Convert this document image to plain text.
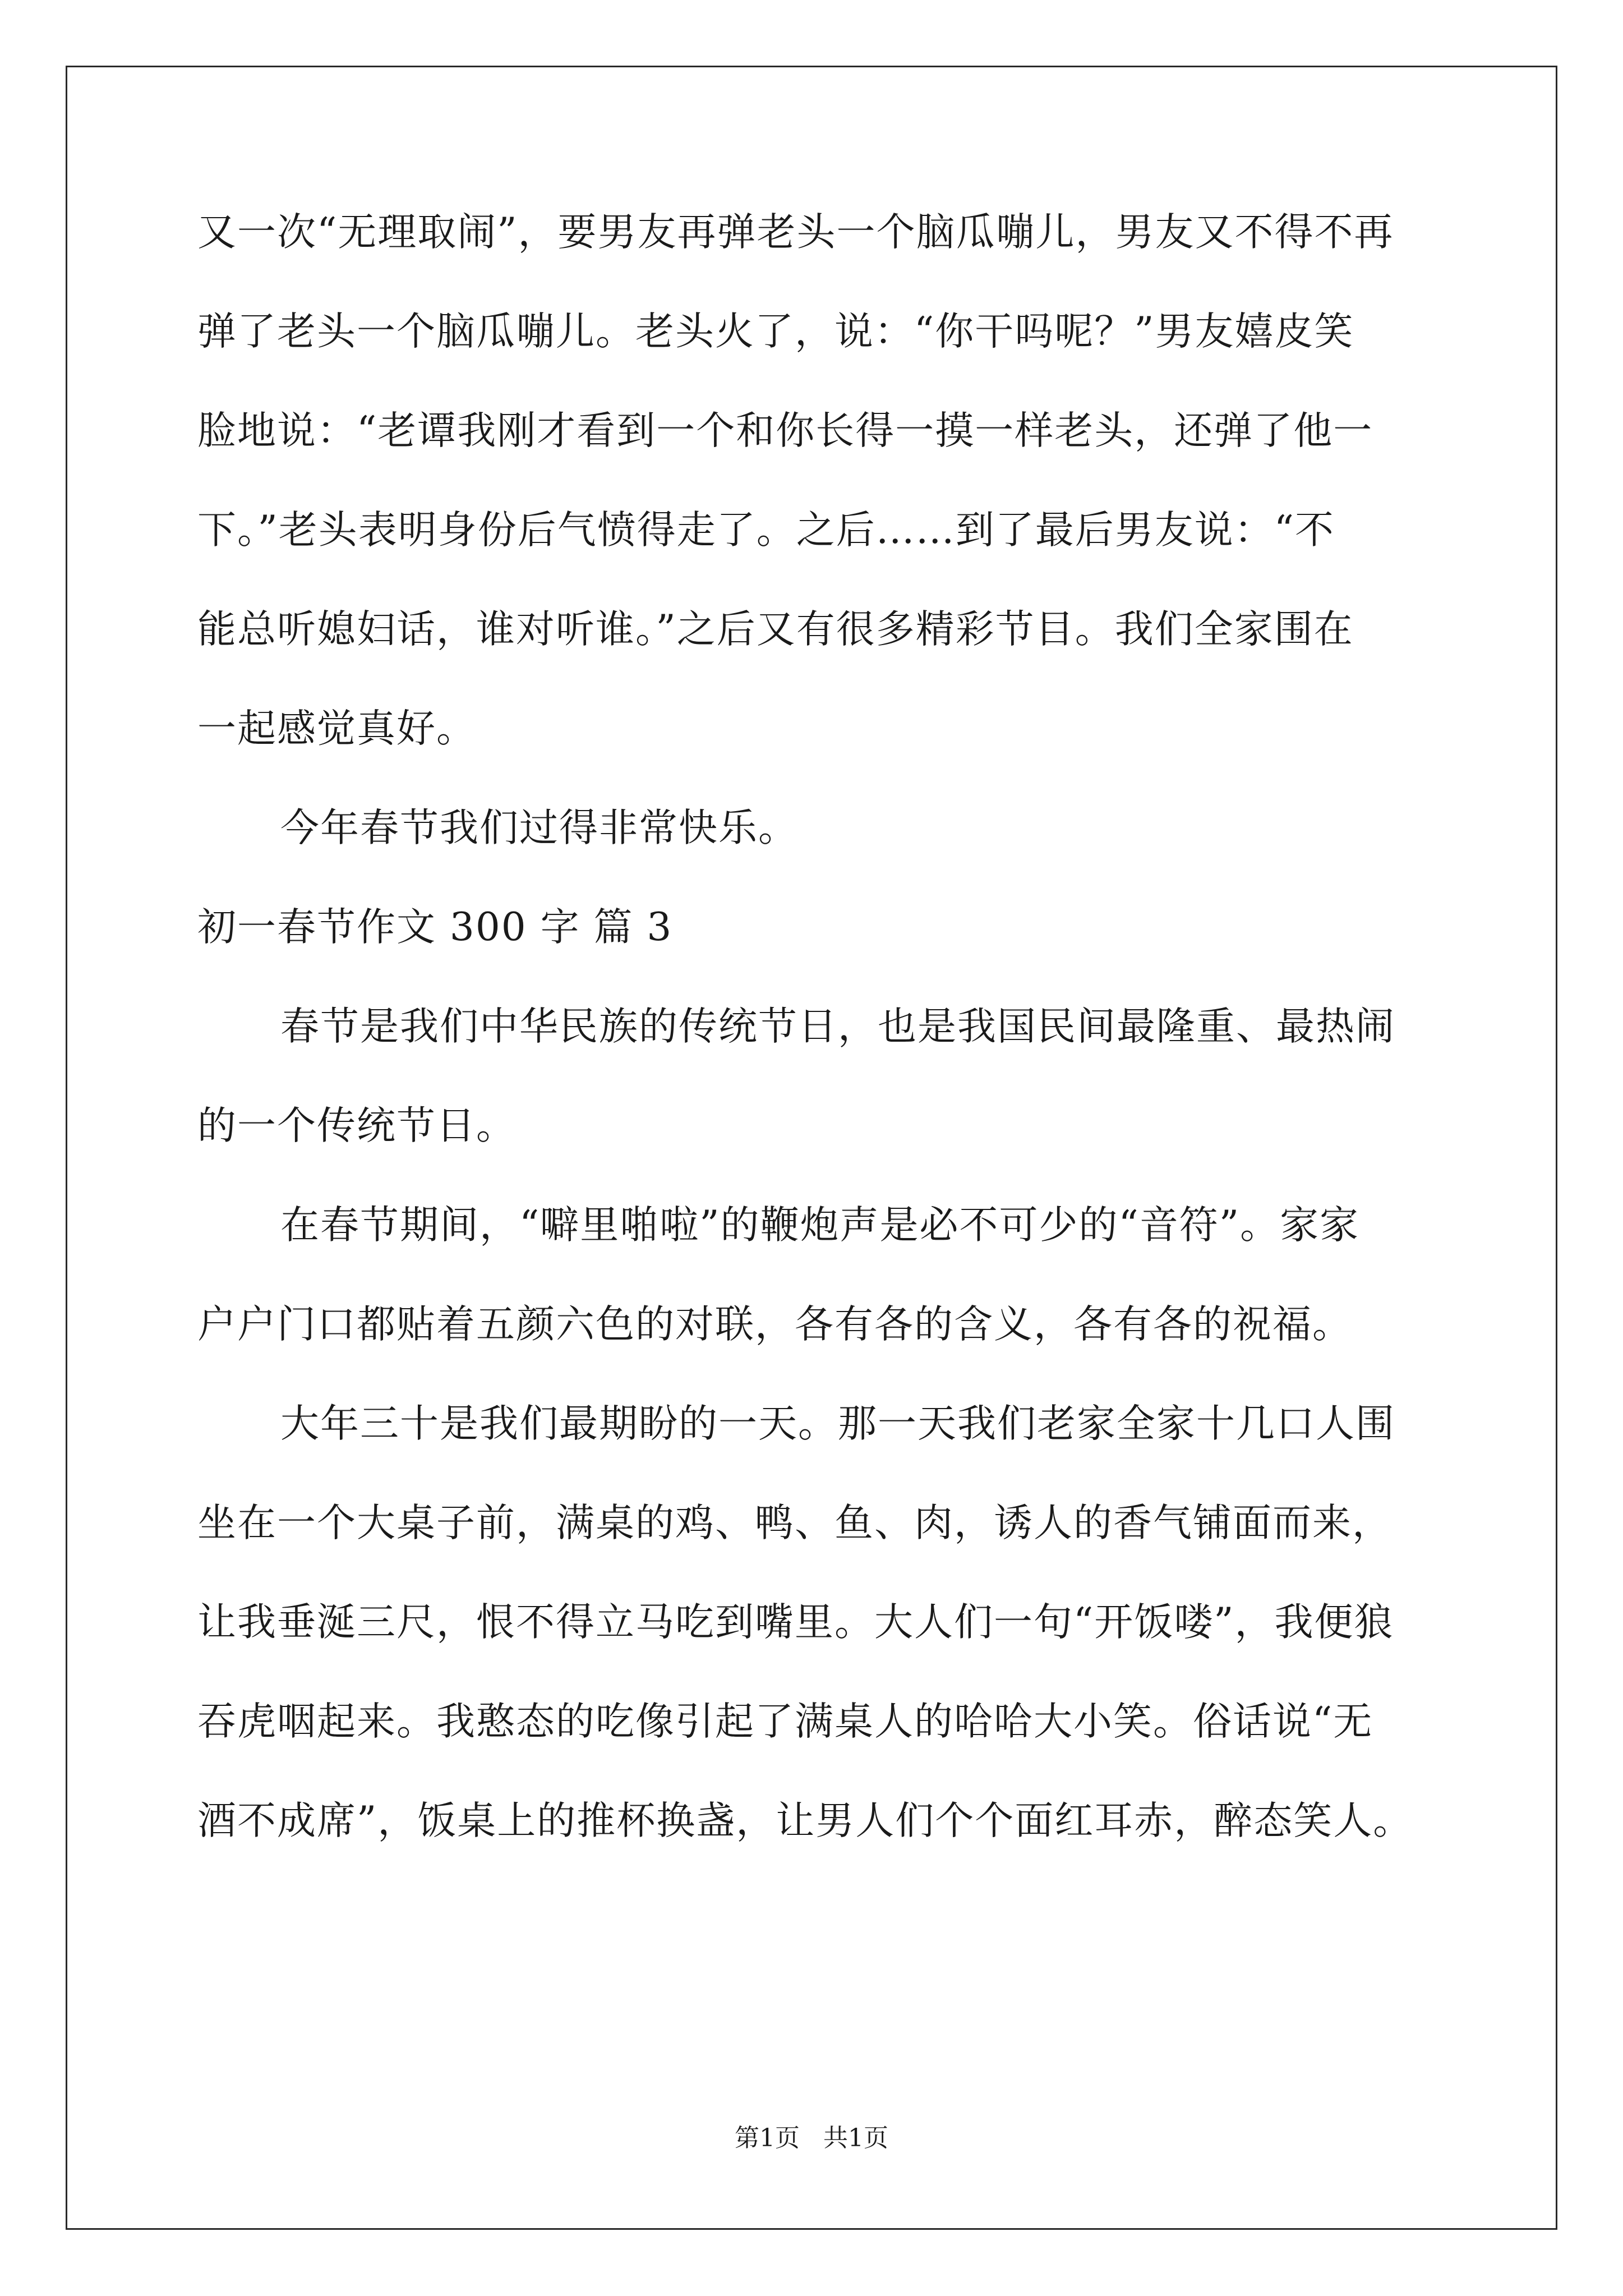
又一次“无理取闹”，要男友再弹老头一个脑瓜嘣儿，男友又不得不再

弹了老头一个脑瓜嘣儿。老头火了，说：“你干吗呢？”男友嬉皮笑

脸地说：“老谭我刚才看到一个和你长得一摸一样老头，还弹了他一

下。”老头表明身份后气愤得走了。之后……到了最后男友说：“不

能总听媳妇话，谁对听谁。”之后又有很多精彩节目。我们全家围在

一起感觉真好。

今年春节我们过得非常快乐。

初一春节作文 300 字 篇 3

春节是我们中华民族的传统节日，也是我国民间最隆重、最热闹

的一个传统节日。

在春节期间，“噼里啪啦”的鞭炮声是必不可少的“音符”。家家

户户门口都贴着五颜六色的对联，各有各的含义，各有各的祝福。

大年三十是我们最期盼的一天。那一天我们老家全家十几口人围

坐在一个大桌子前，满桌的鸡、鸭、鱼、肉，诱人的香气铺面而来，

让我垂涎三尺，恨不得立马吃到嘴里。大人们一句“开饭喽”，我便狼

吞虎咽起来。我憨态的吃像引起了满桌人的哈哈大小笑。俗话说“无

酒不成席”，饭桌上的推杯换盏，让男人们个个面红耳赤，醉态笑人。

第1页   共1页
